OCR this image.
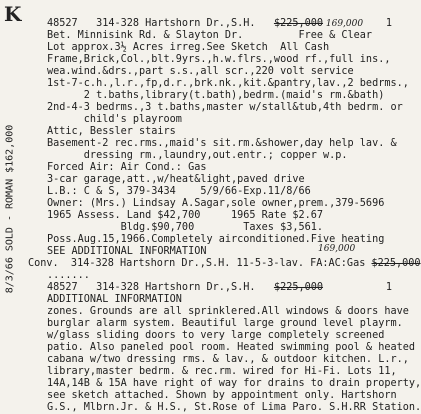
K
8/3/66 SOLD - ROMAN $162,000
48527   314-328 Hartshorn Dr.,S.H.   $225,000 169,000	1
Bet. Minnisink Rd. & Slayton Dr.         Free & Clear
Lot approx.3½ Acres irreg.See Sketch  All Cash
Frame,Brick,Col.,blt.9yrs.,h.w.flrs.,wood rf.,full ins.,
wea.wind.&drs.,part s.s.,all scr.,220 volt service
1st-7-c.h.,l.r.,fp,d.r.,brk.nk.,kit.&pantry,lav.,2 bedrms.,
2 t.baths,library(t.bath),bedrm.(maid's rm.&bath)
2nd-4-3 bedrms.,3 t.baths,master w/stall&tub,4th bedrm. or
child's playroom
Attic, Bessler stairs
Basement-2 rec.rms.,maid's sit.rm.&shower,day help lav. &
dressing rm.,laundry,out.entr.; copper w.p.
Forced Air: Air Cond.: Gas
3-car garage,att.,w/heat&light,paved drive
L.B.: C & S, 379-3434    5/9/66-Exp.11/8/66
Owner: (Mrs.) Lindsay A.Sagar,sole owner,prem.,379-5696
1965 Assess. Land $42,700     1965 Rate $2.67
Bldg.$90,700        Taxes $3,561.
Poss.Aug.15,1966.Completely airconditioned.Five heating
SEE ADDITIONAL INFORMATION	169,000
Conv.  314-328 Hartshorn Dr.,S.H. 11-5-3-lav. FA:AC:Gas $225,000
.......
48527   314-328 Hartshorn Dr.,S.H.   $225,000	1
ADDITIONAL INFORMATION
zones. Grounds are all sprinklered.All windows & doors have
burglar alarm system. Beautiful large ground level playrm.
w/glass sliding doors to very large completely screened
patio. Also paneled pool room. Heated swimming pool & heated
cabana w/two dressing rms. & lav., & outdoor kitchen. L.r.,
library,master bedrm. & rec.rm. wired for Hi-Fi. Lots 11,
14A,14B & 15A have right of way for drains to drain property,
see sketch attached. Shown by appointment only. Hartshorn
G.S., Mlbrn.Jr. & H.S., St.Rose of Lima Paro. S.H.RR Station.
